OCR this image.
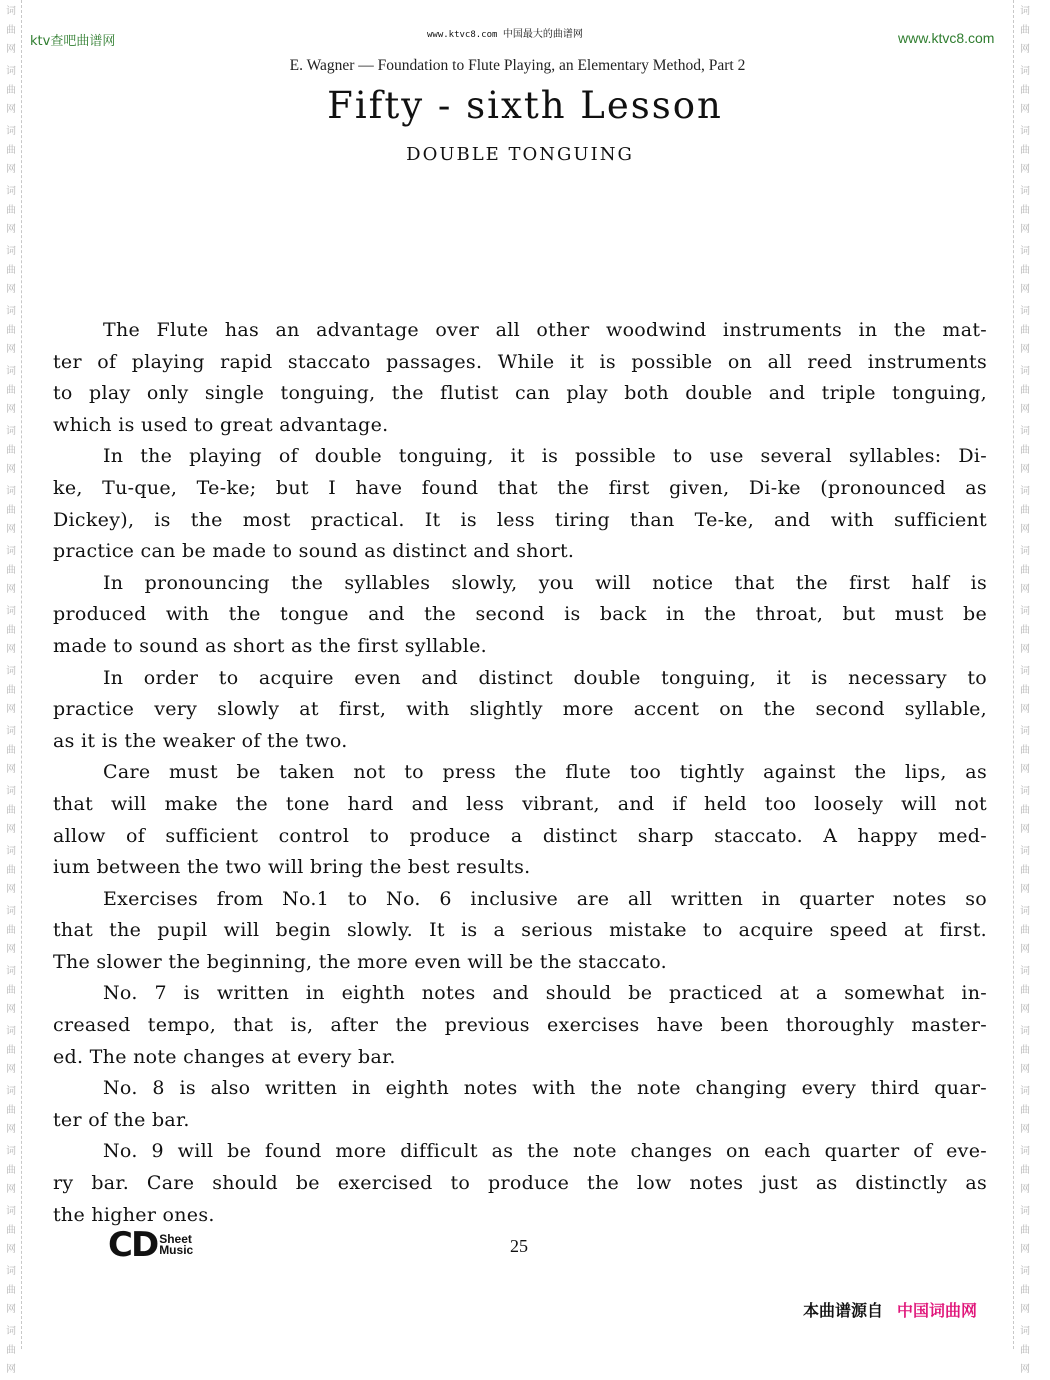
词
曲
网
词
曲
网
词
曲
网
词
曲
网
词
曲
网
词
曲
网
词
曲
网
词
曲
网
词
曲
网
词
曲
网
词
曲
网
词
曲
网
词
曲
网
词
曲
网
词
曲
网
词
曲
网
词
曲
网
词
曲
网
词
曲
网
词
曲
网
词
曲
网
词
曲
网
词
曲
网
词
曲
网
词
曲
网
词
曲
网
词
曲
网
词
曲
网
词
曲
网
词
曲
网
词
曲
网
词
曲
网
词
曲
网
词
曲
网
词
曲
网
词
曲
网
词
曲
网
词
曲
网
词
曲
网
词
曲
网
词
曲
网
词
曲
网
词
曲
网
词
曲
网
词
曲
网
词
曲
网
ktv查吧曲谱网	www.ktvc8.com 中国最大的曲谱网	www.ktvc8.com
E. Wagner — Foundation to Flute Playing, an Elementary Method, Part 2
Fifty - sixth Lesson
DOUBLE TONGUING

The Flute has an advantage over all other woodwind instruments in the mat-
ter of playing rapid staccato passages. While it is possible on all reed instruments
to play only single tonguing, the flutist can play both double and triple tonguing,
which is used to great advantage.

In the playing of double tonguing, it is possible to use several syllables: Di-
ke, Tu-que, Te-ke; but I have found that the first given, Di-ke (pronounced as
Dickey), is the most practical. It is less tiring than Te-ke, and with sufficient
practice can be made to sound as distinct and short.

In pronouncing the syllables slowly, you will notice that the first half is
produced with the tongue and the second is back in the throat, but must be
made to sound as short as the first syllable.

In order to acquire even and distinct double tonguing, it is necessary to
practice very slowly at first, with slightly more accent on the second syllable,
as it is the weaker of the two.

Care must be taken not to press the flute too tightly against the lips, as
that will make the tone hard and less vibrant, and if held too loosely will not
allow of sufficient control to produce a distinct sharp staccato. A happy med-
ium between the two will bring the best results.

Exercises from No.1 to No. 6 inclusive are all written in quarter notes so
that the pupil will begin slowly. It is a serious mistake to acquire speed at first.
The slower the beginning, the more even will be the staccato.

No. 7 is written in eighth notes and should be practiced at a somewhat in-
creased tempo, that is, after the previous exercises have been thoroughly master-
ed. The note changes at every bar.

No. 8 is also written in eighth notes with the note changing every third quar-
ter of the bar.

No. 9 will be found more difficult as the note changes on each quarter of eve-
ry bar. Care should be exercised to produce the low notes just as distinctly as
the higher ones.

CD Sheet
Music	25
本曲谱源自 中国词曲网
